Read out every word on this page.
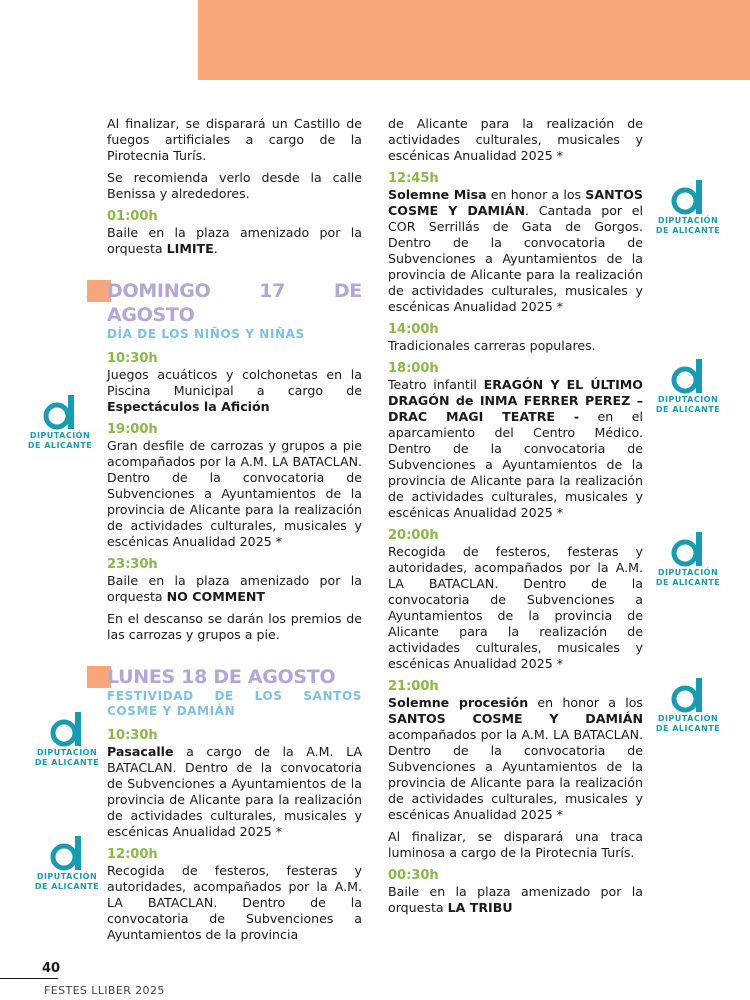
Al finalizar, se disparará un Castillo de fuegos artificiales a cargo de la Pirotecnia Turís.

Se recomienda verlo desde la calle Benissa y alrededores.

01:00h

Baile en la plaza amenizado por la orquesta LIMITE.

DOMINGO 17 DE AGOSTO
DÍA DE LOS NIÑOS Y NIÑAS

10:30h

Juegos acuáticos y colchonetas en la Piscina Municipal a cargo de Espectáculos la Afición

19:00h

Gran desfile de carrozas y grupos a pie acompañados por la A.M. LA BATACLAN. Dentro de la convocatoria de Subvenciones a Ayuntamientos de la provincia de Alicante para la realización de actividades culturales, musicales y escénicas Anualidad 2025 *

23:30h

Baile en la plaza amenizado por la orquesta NO COMMENT

En el descanso se darán los premios de las carrozas y grupos a pie.

LUNES 18 DE AGOSTO
FESTIVIDAD DE LOS SANTOS COSME Y DAMIÁN

10:30h

Pasacalle a cargo de la A.M. LA BATACLAN. Dentro de la convocatoria de Subvenciones a Ayuntamientos de la provincia de Alicante para la realización de actividades culturales, musicales y escénicas Anualidad 2025 *

12:00h

Recogida de festeros, festeras y autoridades, acompañados por la A.M. LA BATACLAN. Dentro de la convocatoria de Subvenciones a Ayuntamientos de la provincia

de Alicante para la realización de actividades culturales, musicales y escénicas Anualidad 2025 *

12:45h

Solemne Misa en honor a los SANTOS COSME Y DAMIÁN. Cantada por el COR Serrillás de Gata de Gorgos. Dentro de la convocatoria de Subvenciones a Ayuntamientos de la provincia de Alicante para la realización de actividades culturales, musicales y escénicas Anualidad 2025 *

14:00h

Tradicionales carreras populares.

18:00h

Teatro infantil ERAGÓN Y EL ÚLTIMO DRAGÓN de INMA FERRER PEREZ – DRAC MAGI TEATRE - en el aparcamiento del Centro Médico. Dentro de la convocatoria de Subvenciones a Ayuntamientos de la provincia de Alicante para la realización de actividades culturales, musicales y escénicas Anualidad 2025 *

20:00h

Recogida de festeros, festeras y autoridades, acompañados por la A.M. LA BATACLAN. Dentro de la convocatoria de Subvenciones a Ayuntamientos de la provincia de Alicante para la realización de actividades culturales, musicales y escénicas Anualidad 2025 *

21:00h

Solemne procesión en honor a los SANTOS COSME Y DAMIÁN acompañados por la A.M. LA BATACLAN. Dentro de la convocatoria de Subvenciones a Ayuntamientos de la provincia de Alicante para la realización de actividades culturales, musicales y escénicas Anualidad 2025 *

Al finalizar, se disparará una traca luminosa a cargo de la Pirotecnia Turís.

00:30h

Baile en la plaza amenizado por la orquesta LA TRIBU

DIPUTACIÓN
DE ALICANTE
DIPUTACIÓN
DE ALICANTE
DIPUTACIÓN
DE ALICANTE
DIPUTACIÓN
DE ALICANTE
DIPUTACIÓN
DE ALICANTE
DIPUTACIÓN
DE ALICANTE
DIPUTACIÓN
DE ALICANTE
40
FESTES LLIBER 2025
